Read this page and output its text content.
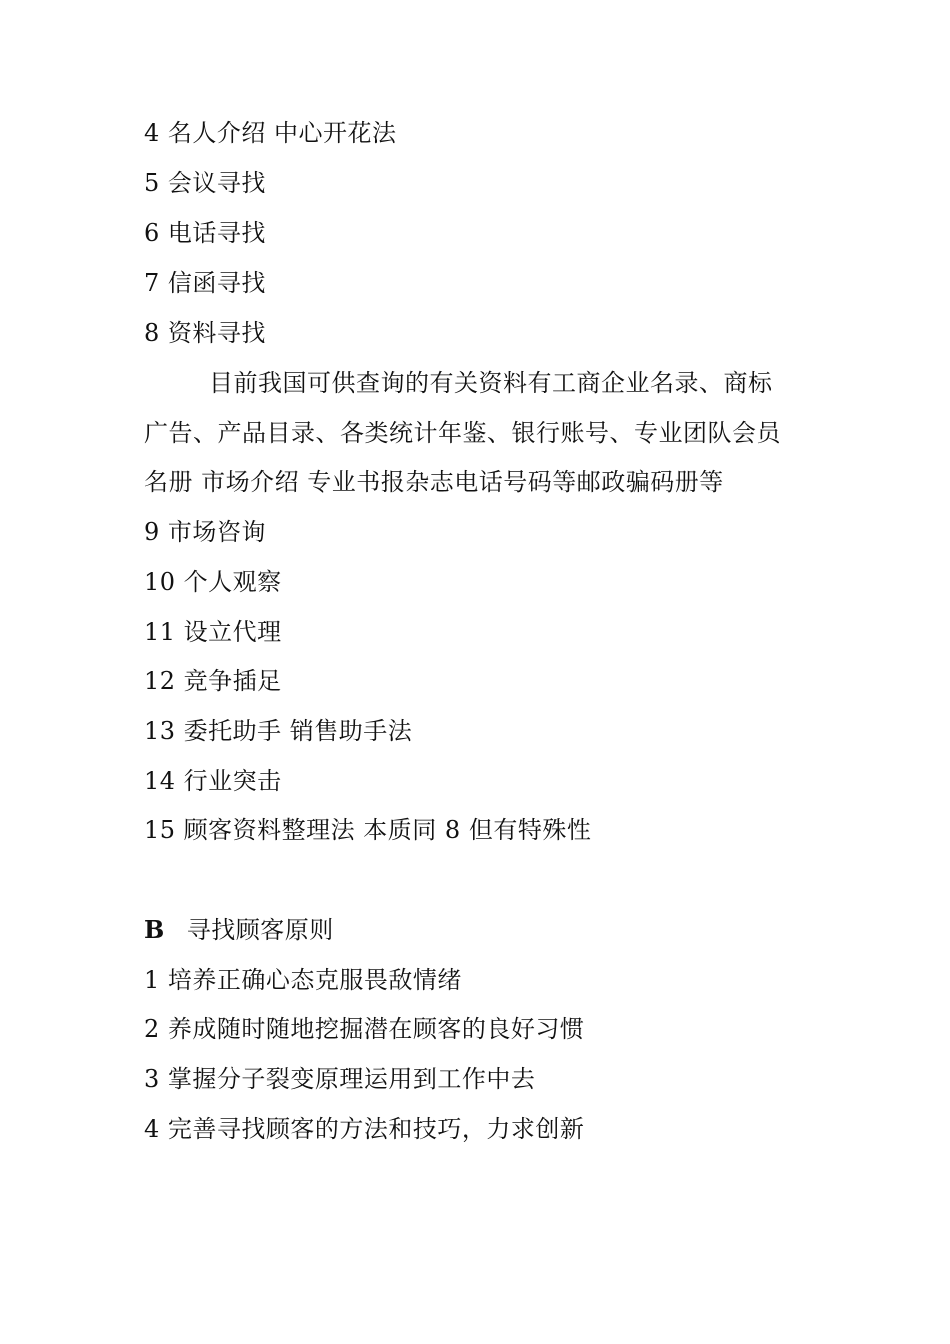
4 名人介绍 中心开花法
5 会议寻找
6 电话寻找
7 信函寻找
8 资料寻找
目前我国可供查询的有关资料有工商企业名录、商标
广告、产品目录、各类统计年鉴、银行账号、专业团队会员
名册 市场介绍 专业书报杂志电话号码等邮政骗码册等
9 市场咨询
10 个人观察
11 设立代理
12 竞争插足
13 委托助手 销售助手法
14 行业突击
15 顾客资料整理法 本质同 8 但有特殊性
B 寻找顾客原则
1 培养正确心态克服畏敌情绪
2 养成随时随地挖掘潜在顾客的良好习惯
3 掌握分子裂变原理运用到工作中去
4 完善寻找顾客的方法和技巧，力求创新
